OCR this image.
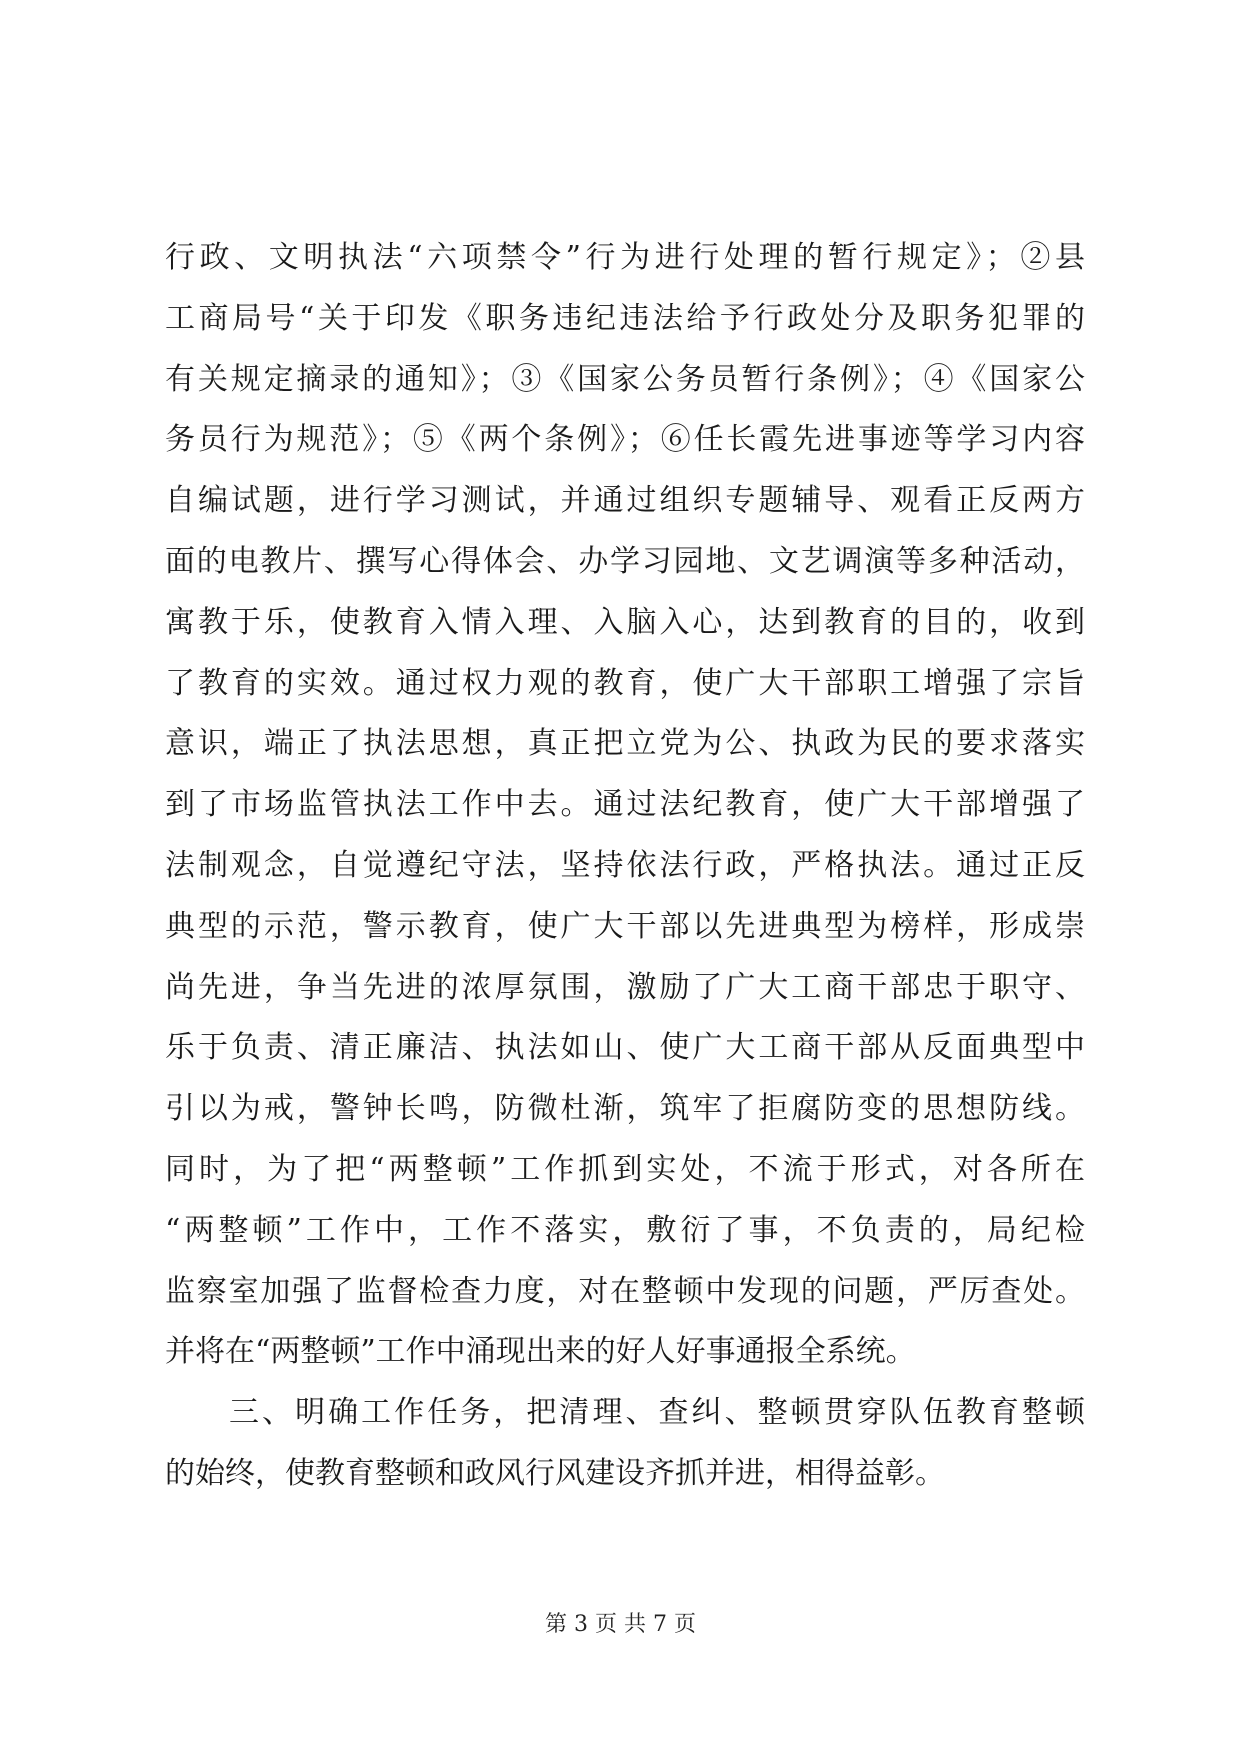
行政、文明执法“六项禁令”行为进行处理的暂行规定》；②县
工商局号“关于印发《职务违纪违法给予行政处分及职务犯罪的
有关规定摘录的通知》；③《国家公务员暂行条例》；④《国家公
务员行为规范》；⑤《两个条例》；⑥任长霞先进事迹等学习内容
自编试题，进行学习测试，并通过组织专题辅导、观看正反两方
面的电教片、撰写心得体会、办学习园地、文艺调演等多种活动，
寓教于乐，使教育入情入理、入脑入心，达到教育的目的，收到
了教育的实效。通过权力观的教育，使广大干部职工增强了宗旨
意识，端正了执法思想，真正把立党为公、执政为民的要求落实
到了市场监管执法工作中去。通过法纪教育，使广大干部增强了
法制观念，自觉遵纪守法，坚持依法行政，严格执法。通过正反
典型的示范，警示教育，使广大干部以先进典型为榜样，形成崇
尚先进，争当先进的浓厚氛围，激励了广大工商干部忠于职守、
乐于负责、清正廉洁、执法如山、使广大工商干部从反面典型中
引以为戒，警钟长鸣，防微杜渐，筑牢了拒腐防变的思想防线。
同时，为了把“两整顿”工作抓到实处，不流于形式，对各所在
“两整顿”工作中，工作不落实，敷衍了事，不负责的，局纪检
监察室加强了监督检查力度，对在整顿中发现的问题，严厉查处。
并将在“两整顿”工作中涌现出来的好人好事通报全系统。
三、明确工作任务，把清理、查纠、整顿贯穿队伍教育整顿
的始终，使教育整顿和政风行风建设齐抓并进，相得益彰。
第 3 页 共 7 页
